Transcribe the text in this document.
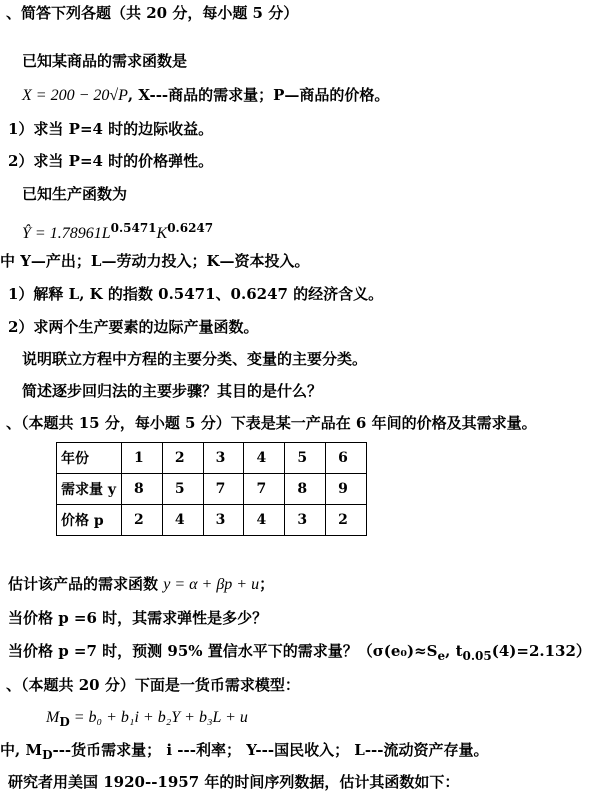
、简答下列各题（共 20 分，每小题 5 分）
已知某商品的需求函数是
X = 200 − 20√P, X---商品的需求量；P—商品的价格。
1）求当 P=4 时的边际收益。
2）求当 P=4 时的价格弹性。
已知生产函数为
Ŷ = $1.78961L^{0.5471}K^{0.6247}$
中 Y—产出；L—劳动力投入；K—资本投入。
1）解释 L, K 的指数 0.5471、0.6247 的经济含义。
2）求两个生产要素的边际产量函数。
说明联立方程中方程的主要分类、变量的主要分类。
简述逐步回归法的主要步骤？其目的是什么？
、（本题共 15 分，每小题 5 分）下表是某一产品在 6 年间的价格及其需求量。
年份	1	2	3	4	5	6
需求量 y	8	5	7	7	8	9
价格 p	2	4	3	4	3	2
估计该产品的需求函数 y = α + βp + u；
当价格 p =6 时，其需求弹性是多少？
当价格 p =7 时，预测 95% 置信水平下的需求量？（$\sigma(e_0)\approx S_e$, $t_{0.05}(4)=2.132$）
、（本题共 20 分）下面是一货币需求模型：
$M_D = b_0 + b_1i + b_2Y + b_3L + u$
中, $M_D---$货币需求量； i ---利率； Y---国民收入； L---流动资产存量。
研究者用美国 1920--1957 年的时间序列数据，估计其函数如下：
